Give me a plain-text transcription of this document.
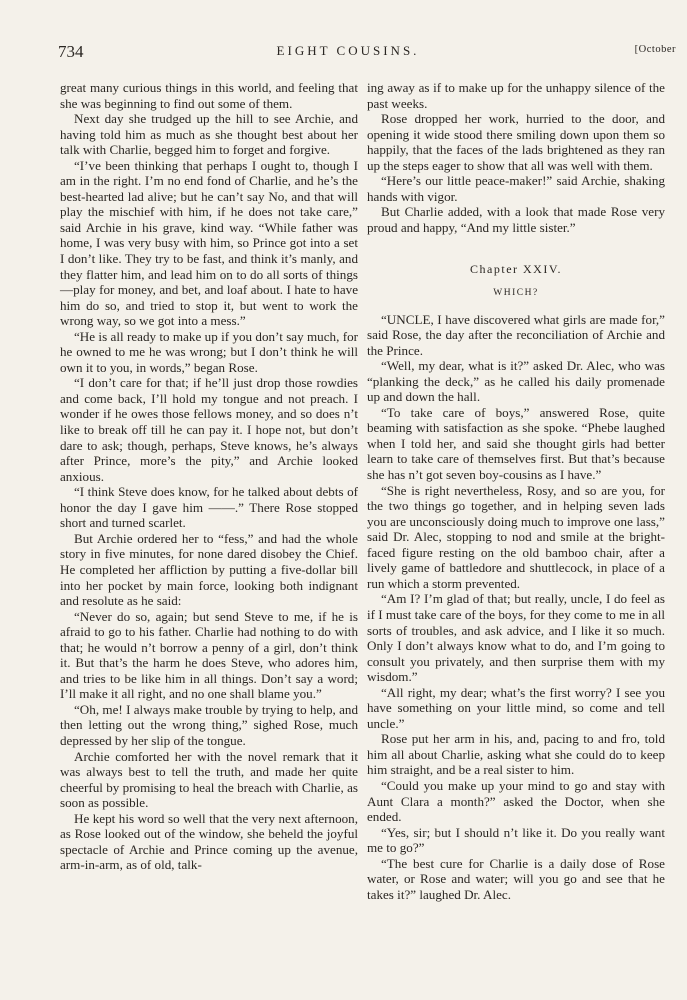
734	EIGHT COUSINS.	[October

great many curious things in this world, and feeling that she was beginning to find out some of them.

Next day she trudged up the hill to see Archie, and having told him as much as she thought best about her talk with Charlie, begged him to forget and forgive.

“I’ve been thinking that perhaps I ought to, though I am in the right. I’m no end fond of Charlie, and he’s the best-hearted lad alive; but he can’t say No, and that will play the mischief with him, if he does not take care,” said Archie in his grave, kind way. “While father was home, I was very busy with him, so Prince got into a set I don’t like. They try to be fast, and think it’s manly, and they flatter him, and lead him on to do all sorts of things—play for money, and bet, and loaf about. I hate to have him do so, and tried to stop it, but went to work the wrong way, so we got into a mess.”

“He is all ready to make up if you don’t say much, for he owned to me he was wrong; but I don’t think he will own it to you, in words,” began Rose.

“I don’t care for that; if he’ll just drop those rowdies and come back, I’ll hold my tongue and not preach. I wonder if he owes those fellows money, and so does n’t like to break off till he can pay it. I hope not, but don’t dare to ask; though, perhaps, Steve knows, he’s always after Prince, more’s the pity,” and Archie looked anxious.

“I think Steve does know, for he talked about debts of honor the day I gave him ——.” There Rose stopped short and turned scarlet.

But Archie ordered her to “fess,” and had the whole story in five minutes, for none dared disobey the Chief. He completed her affliction by putting a five-dollar bill into her pocket by main force, looking both indignant and resolute as he said:

“Never do so, again; but send Steve to me, if he is afraid to go to his father. Charlie had nothing to do with that; he would n’t borrow a penny of a girl, don’t think it. But that’s the harm he does Steve, who adores him, and tries to be like him in all things. Don’t say a word; I’ll make it all right, and no one shall blame you.”

“Oh, me! I always make trouble by trying to help, and then letting out the wrong thing,” sighed Rose, much depressed by her slip of the tongue.

Archie comforted her with the novel remark that it was always best to tell the truth, and made her quite cheerful by promising to heal the breach with Charlie, as soon as possible.

He kept his word so well that the very next afternoon, as Rose looked out of the window, she beheld the joyful spectacle of Archie and Prince coming up the avenue, arm-in-arm, as of old, talk-

ing away as if to make up for the unhappy silence of the past weeks.

Rose dropped her work, hurried to the door, and opening it wide stood there smiling down upon them so happily, that the faces of the lads brightened as they ran up the steps eager to show that all was well with them.

“Here’s our little peace-maker!” said Archie, shaking hands with vigor.

But Charlie added, with a look that made Rose very proud and happy, “And my little sister.”

Chapter XXIV.
WHICH?

“UNCLE, I have discovered what girls are made for,” said Rose, the day after the reconciliation of Archie and the Prince.

“Well, my dear, what is it?” asked Dr. Alec, who was “planking the deck,” as he called his daily promenade up and down the hall.

“To take care of boys,” answered Rose, quite beaming with satisfaction as she spoke. “Phebe laughed when I told her, and said she thought girls had better learn to take care of themselves first. But that’s because she has n’t got seven boy-cousins as I have.”

“She is right nevertheless, Rosy, and so are you, for the two things go together, and in helping seven lads you are unconsciously doing much to improve one lass,” said Dr. Alec, stopping to nod and smile at the bright-faced figure resting on the old bamboo chair, after a lively game of battledore and shuttlecock, in place of a run which a storm prevented.

“Am I? I’m glad of that; but really, uncle, I do feel as if I must take care of the boys, for they come to me in all sorts of troubles, and ask advice, and I like it so much. Only I don’t always know what to do, and I’m going to consult you privately, and then surprise them with my wisdom.”

“All right, my dear; what’s the first worry? I see you have something on your little mind, so come and tell uncle.”

Rose put her arm in his, and, pacing to and fro, told him all about Charlie, asking what she could do to keep him straight, and be a real sister to him.

“Could you make up your mind to go and stay with Aunt Clara a month?” asked the Doctor, when she ended.

“Yes, sir; but I should n’t like it. Do you really want me to go?”

“The best cure for Charlie is a daily dose of Rose water, or Rose and water; will you go and see that he takes it?” laughed Dr. Alec.
